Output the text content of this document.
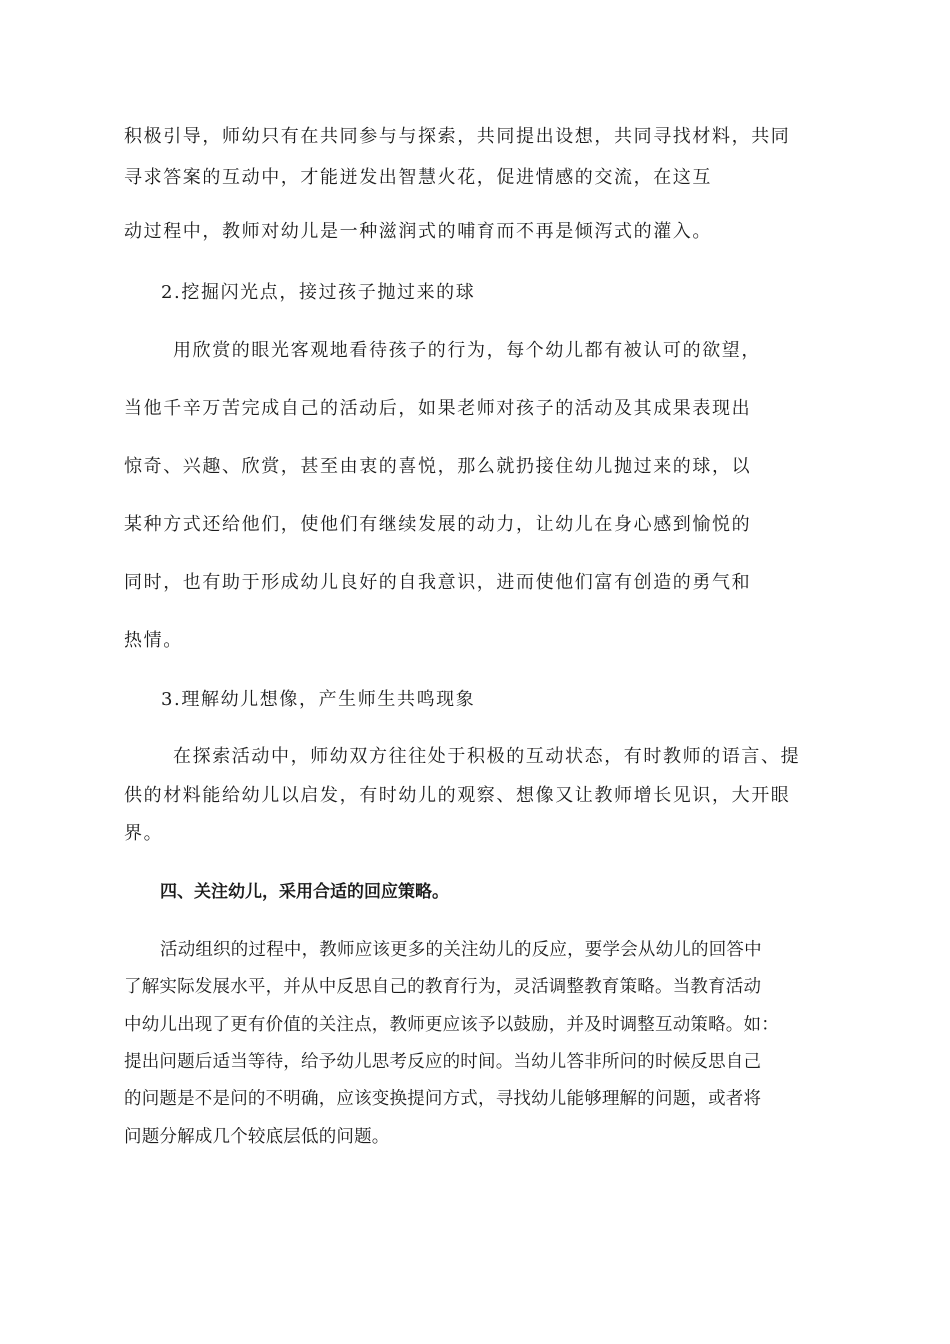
积极引导，师幼只有在共同参与与探索，共同提出设想，共同寻找材料，共同
寻求答案的互动中，才能迸发出智慧火花，促进情感的交流，在这互
动过程中，教师对幼儿是一种滋润式的哺育而不再是倾泻式的灌入。
2.挖掘闪光点，接过孩子抛过来的球
用欣赏的眼光客观地看待孩子的行为，每个幼儿都有被认可的欲望，
当他千辛万苦完成自己的活动后，如果老师对孩子的活动及其成果表现出
惊奇、兴趣、欣赏，甚至由衷的喜悦，那么就扔接住幼儿抛过来的球，以
某种方式还给他们，使他们有继续发展的动力，让幼儿在身心感到愉悦的
同时，也有助于形成幼儿良好的自我意识，进而使他们富有创造的勇气和
热情。
3.理解幼儿想像，产生师生共鸣现象
在探索活动中，师幼双方往往处于积极的互动状态，有时教师的语言、提
供的材料能给幼儿以启发，有时幼儿的观察、想像又让教师增长见识，大开眼
界。
四、关注幼儿，采用合适的回应策略。
活动组织的过程中，教师应该更多的关注幼儿的反应，要学会从幼儿的回答中
了解实际发展水平，并从中反思自己的教育行为，灵活调整教育策略。当教育活动
中幼儿出现了更有价值的关注点，教师更应该予以鼓励，并及时调整互动策略。如：
提出问题后适当等待，给予幼儿思考反应的时间。当幼儿答非所问的时候反思自己
的问题是不是问的不明确，应该变换提问方式，寻找幼儿能够理解的问题，或者将
问题分解成几个较底层低的问题。
